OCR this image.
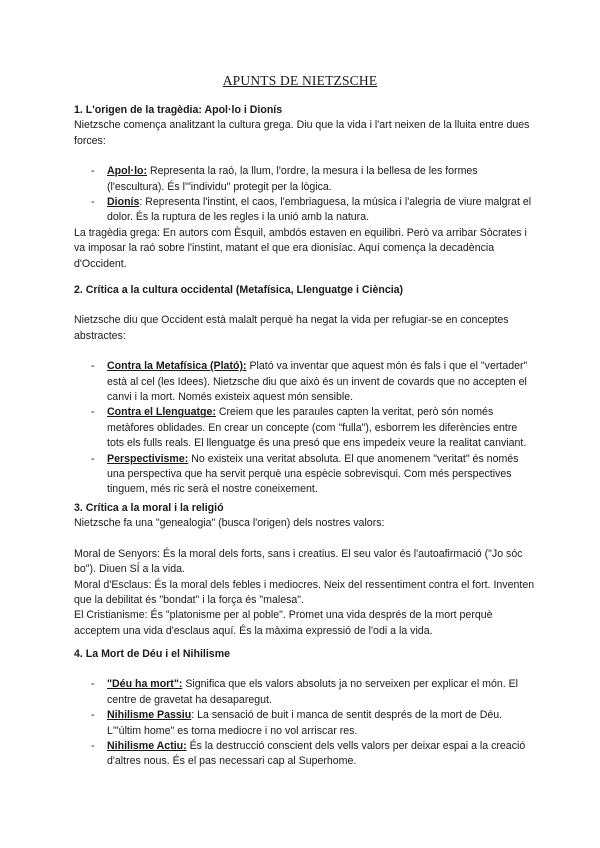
APUNTS DE NIETZSCHE

1. L'origen de la tragèdia: Apol·lo i Dionís

Nietzsche comença analitzant la cultura grega. Diu que la vida i l'art neixen de la lluita entre dues forces:

- Apol·lo: Representa la raó, la llum, l'ordre, la mesura i la bellesa de les formes (l'escultura). És l'"individu" protegit per la lògica.
- Dionís: Representa l'instint, el caos, l'embriaguesa, la música i l'alegria de viure malgrat el dolor. És la ruptura de les regles i la unió amb la natura.

La tragèdia grega: En autors com Èsquil, ambdós estaven en equilibri. Però va arribar Sòcrates i va imposar la raó sobre l'instint, matant el que era dionisíac. Aquí comença la decadència d'Occident.

2. Crítica a la cultura occidental (Metafísica, Llenguatge i Ciència)

Nietzsche diu que Occident està malalt perquè ha negat la vida per refugiar-se en conceptes abstractes:

- Contra la Metafísica (Plató): Plató va inventar que aquest món és fals i que el "vertader" està al cel (les Idees). Nietzsche diu que això és un invent de covards que no accepten el canvi i la mort. Només existeix aquest món sensible.
- Contra el Llenguatge: Creiem que les paraules capten la veritat, però són només metàfores oblidades. En crear un concepte (com "fulla"), esborrem les diferències entre tots els fulls reals. El llenguatge és una presó que ens impedeix veure la realitat canviant.
- Perspectivisme: No existeix una veritat absoluta. El que anomenem "veritat" és només una perspectiva que ha servit perquè una espècie sobrevisqui. Com més perspectives tinguem, més ric serà el nostre coneixement.

3. Crítica a la moral i la religió

Nietzsche fa una "genealogia" (busca l'origen) dels nostres valors:

Moral de Senyors: És la moral dels forts, sans i creatius. El seu valor és l'autoafirmació ("Jo sóc bo"). Diuen SÍ a la vida.

Moral d'Esclaus: És la moral dels febles i mediocres. Neix del ressentiment contra el fort. Inventen que la debilitat és "bondat" i la força és "malesa".

El Cristianisme: És "platonisme per al poble". Promet una vida després de la mort perquè acceptem una vida d'esclaus aquí. És la màxima expressió de l'odi a la vida.

4. La Mort de Déu i el Nihilisme

- "Déu ha mort": Significa que els valors absoluts ja no serveixen per explicar el món. El centre de gravetat ha desaparegut.
- Nihilisme Passiu: La sensació de buit i manca de sentit després de la mort de Déu. L'"últim home" es torna mediocre i no vol arriscar res.
- Nihilisme Actiu: És la destrucció conscient dels vells valors per deixar espai a la creació d'altres nous. És el pas necessari cap al Superhome.
